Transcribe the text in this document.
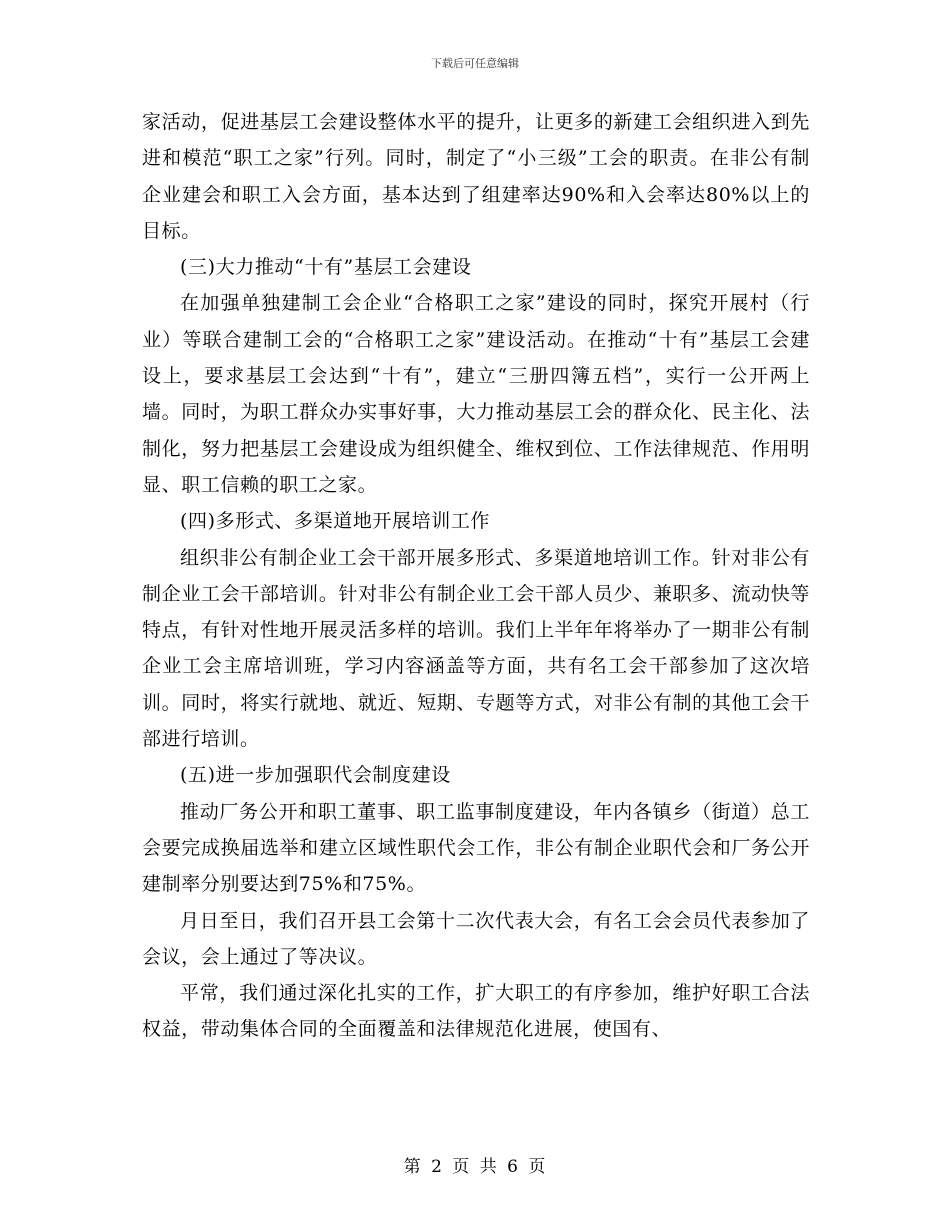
下载后可任意编辑

家活动，促进基层工会建设整体水平的提升，让更多的新建工会组织进入到先进和模范“职工之家”行列。同时，制定了“小三级”工会的职责。在非公有制企业建会和职工入会方面，基本达到了组建率达90%和入会率达80%以上的目标。

(三)大力推动“十有”基层工会建设

在加强单独建制工会企业“合格职工之家”建设的同时，探究开展村（行业）等联合建制工会的“合格职工之家”建设活动。在推动“十有”基层工会建设上，要求基层工会达到“十有”，建立“三册四簿五档”，实行一公开两上墙。同时，为职工群众办实事好事，大力推动基层工会的群众化、民主化、法制化，努力把基层工会建设成为组织健全、维权到位、工作法律规范、作用明显、职工信赖的职工之家。

(四)多形式、多渠道地开展培训工作

组织非公有制企业工会干部开展多形式、多渠道地培训工作。针对非公有制企业工会干部培训。针对非公有制企业工会干部人员少、兼职多、流动快等特点，有针对性地开展灵活多样的培训。我们上半年年将举办了一期非公有制企业工会主席培训班，学习内容涵盖等方面，共有名工会干部参加了这次培训。同时，将实行就地、就近、短期、专题等方式，对非公有制的其他工会干部进行培训。

(五)进一步加强职代会制度建设

推动厂务公开和职工董事、职工监事制度建设，年内各镇乡（街道）总工会要完成换届选举和建立区域性职代会工作，非公有制企业职代会和厂务公开建制率分别要达到75%和75%。

月日至日，我们召开县工会第十二次代表大会，有名工会会员代表参加了会议，会上通过了等决议。

平常，我们通过深化扎实的工作，扩大职工的有序参加，维护好职工合法权益，带动集体合同的全面覆盖和法律规范化进展，使国有、

第 2 页 共 6 页
